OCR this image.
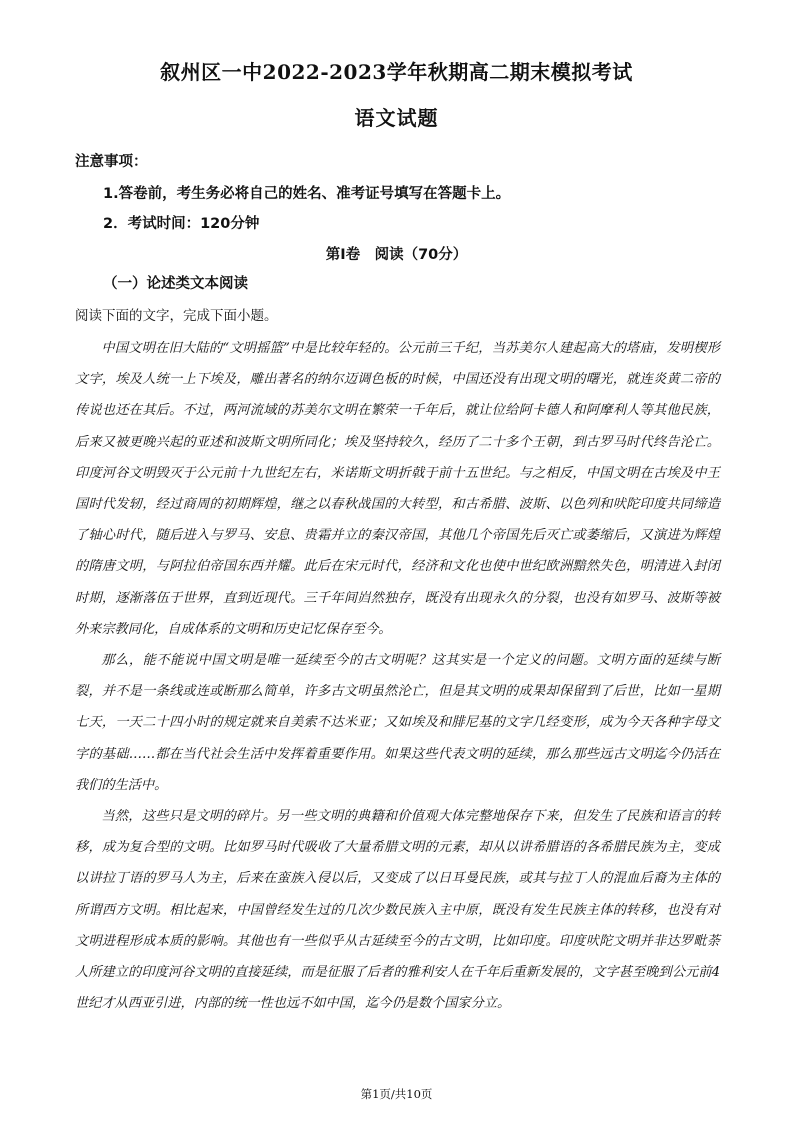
叙州区一中2022-2023学年秋期高二期末模拟考试
语文试题
注意事项：
1.答卷前，考生务必将自己的姓名、准考证号填写在答题卡上。
2．考试时间：120分钟
第I卷　阅读（70分）
（一）论述类文本阅读
阅读下面的文字，完成下面小题。

中国文明在旧大陆的“文明摇篮”中是比较年轻的。公元前三千纪，当苏美尔人建起高大的塔庙，发明楔形文字，埃及人统一上下埃及，雕出著名的纳尔迈调色板的时候，中国还没有出现文明的曙光，就连炎黄二帝的传说也还在其后。不过，两河流域的苏美尔文明在繁荣一千年后，就让位给阿卡德人和阿摩利人等其他民族，后来又被更晚兴起的亚述和波斯文明所同化；埃及坚持较久，经历了二十多个王朝，到古罗马时代终告沦亡。印度河谷文明毁灭于公元前十九世纪左右，米诺斯文明折戟于前十五世纪。与之相反，中国文明在古埃及中王国时代发轫，经过商周的初期辉煌，继之以春秋战国的大转型，和古希腊、波斯、以色列和吠陀印度共同缔造了轴心时代，随后进入与罗马、安息、贵霜并立的秦汉帝国，其他几个帝国先后灭亡或萎缩后，又演进为辉煌的隋唐文明，与阿拉伯帝国东西并耀。此后在宋元时代，经济和文化也使中世纪欧洲黯然失色，明清进入封闭时期，逐渐落伍于世界，直到近现代。三千年间岿然独存，既没有出现永久的分裂，也没有如罗马、波斯等被外来宗教同化，自成体系的文明和历史记忆保存至今。

那么，能不能说中国文明是唯一延续至今的古文明呢？这其实是一个定义的问题。文明方面的延续与断裂，并不是一条线或连或断那么简单，许多古文明虽然沦亡，但是其文明的成果却保留到了后世，比如一星期七天，一天二十四小时的规定就来自美索不达米亚；又如埃及和腓尼基的文字几经变形，成为今天各种字母文字的基础……都在当代社会生活中发挥着重要作用。如果这些代表文明的延续，那么那些远古文明迄今仍活在我们的生活中。

当然，这些只是文明的碎片。另一些文明的典籍和价值观大体完整地保存下来，但发生了民族和语言的转移，成为复合型的文明。比如罗马时代吸收了大量希腊文明的元素，却从以讲希腊语的各希腊民族为主，变成以讲拉丁语的罗马人为主，后来在蛮族入侵以后，又变成了以日耳曼民族，或其与拉丁人的混血后裔为主体的所谓西方文明。相比起来，中国曾经发生过的几次少数民族入主中原，既没有发生民族主体的转移，也没有对文明进程形成本质的影响。其他也有一些似乎从古延续至今的古文明，比如印度。印度吠陀文明并非达罗毗荼人所建立的印度河谷文明的直接延续，而是征服了后者的雅利安人在千年后重新发展的，文字甚至晚到公元前4世纪才从西亚引进，内部的统一性也远不如中国，迄今仍是数个国家分立。

第1页/共10页
